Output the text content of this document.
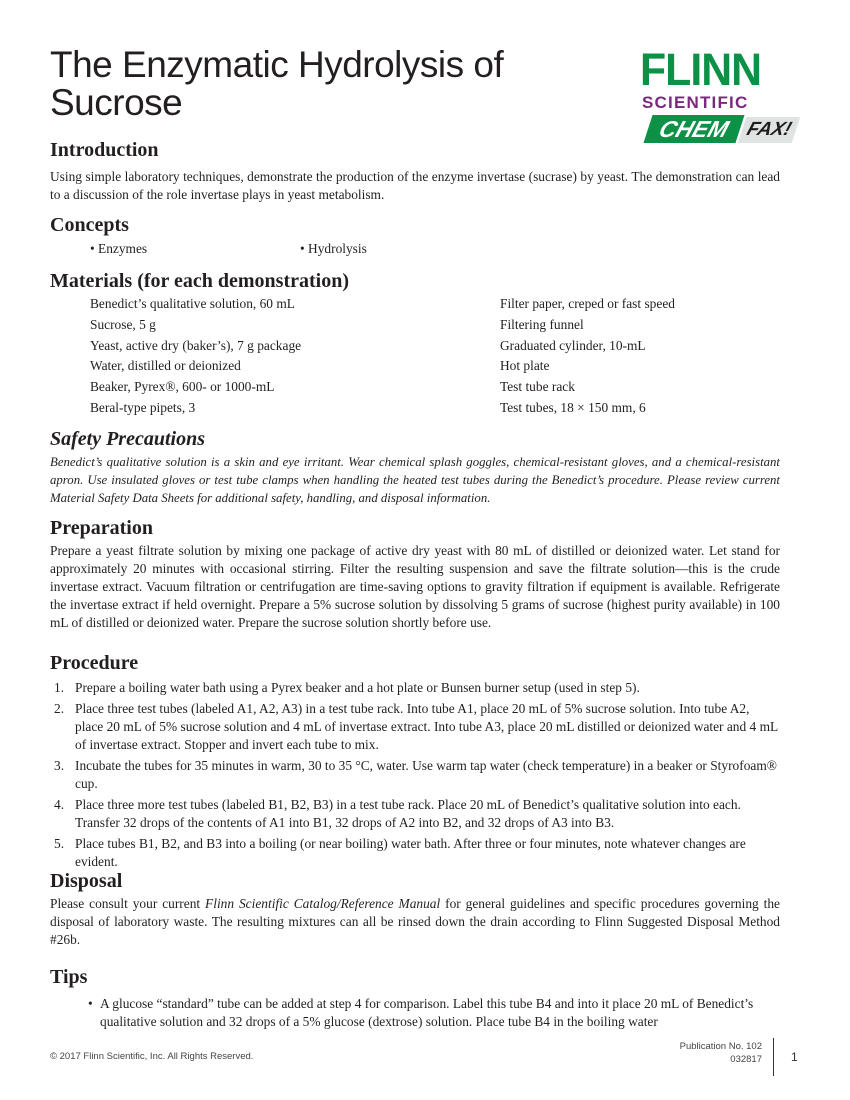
The Enzymatic Hydrolysis of
Sucrose
FLINN
SCIENTIFIC
CHEM FAX!
Introduction

Using simple laboratory techniques, demonstrate the production of the enzyme invertase (sucrase) by yeast. The demonstration can lead to a discussion of the role invertase plays in yeast metabolism.

Concepts
• Enzymes	• Hydrolysis
Materials (for each demonstration)
Benedict’s qualitative solution, 60 mL
Sucrose, 5 g
Yeast, active dry (baker’s), 7 g package
Water, distilled or deionized
Beaker, Pyrex®, 600- or 1000-mL
Beral-type pipets, 3
Filter paper, creped or fast speed
Filtering funnel
Graduated cylinder, 10-mL
Hot plate
Test tube rack
Test tubes, 18 × 150 mm, 6
Safety Precautions

Benedict’s qualitative solution is a skin and eye irritant. Wear chemical splash goggles, chemical-resistant gloves, and a chemical-resistant apron. Use insulated gloves or test tube clamps when handling the heated test tubes during the Benedict’s procedure. Please review current Material Safety Data Sheets for additional safety, handling, and disposal information.

Preparation

Prepare a yeast filtrate solution by mixing one package of active dry yeast with 80 mL of distilled or deionized water. Let stand for approximately 20 minutes with occasional stirring. Filter the resulting suspension and save the filtrate solution—this is the crude invertase extract. Vacuum filtration or centrifugation are time-saving options to gravity filtration if equipment is available. Refrigerate the invertase extract if held overnight. Prepare a 5% sucrose solution by dissolving 5 grams of sucrose (highest purity available) in 100 mL of distilled or deionized water. Prepare the sucrose solution shortly before use.

Procedure
1. Prepare a boiling water bath using a Pyrex beaker and a hot plate or Bunsen burner setup (used in step 5).
2. Place three test tubes (labeled A1, A2, A3) in a test tube rack. Into tube A1, place 20 mL of 5% sucrose solution. Into tube A2, place 20 mL of 5% sucrose solution and 4 mL of invertase extract. Into tube A3, place 20 mL distilled or deionized water and 4 mL of invertase extract. Stopper and invert each tube to mix.
3. Incubate the tubes for 35 minutes in warm, 30 to 35 °C, water. Use warm tap water (check temperature) in a beaker or Styrofoam® cup.
4. Place three more test tubes (labeled B1, B2, B3) in a test tube rack. Place 20 mL of Benedict’s qualitative solution into each. Transfer 32 drops of the contents of A1 into B1, 32 drops of A2 into B2, and 32 drops of A3 into B3.
5. Place tubes B1, B2, and B3 into a boiling (or near boiling) water bath. After three or four minutes, note whatever changes are evident.
Disposal

Please consult your current Flinn Scientific Catalog/Reference Manual for general guidelines and specific procedures governing the disposal of laboratory waste. The resulting mixtures can all be rinsed down the drain according to Flinn Suggested Disposal Method #26b.

Tips
• A glucose “standard” tube can be added at step 4 for comparison. Label this tube B4 and into it place 20 mL of Benedict’s qualitative solution and 32 drops of a 5% glucose (dextrose) solution. Place tube B4 in the boiling water
© 2017 Flinn Scientific, Inc. All Rights Reserved.
Publication No. 102
032817 1
